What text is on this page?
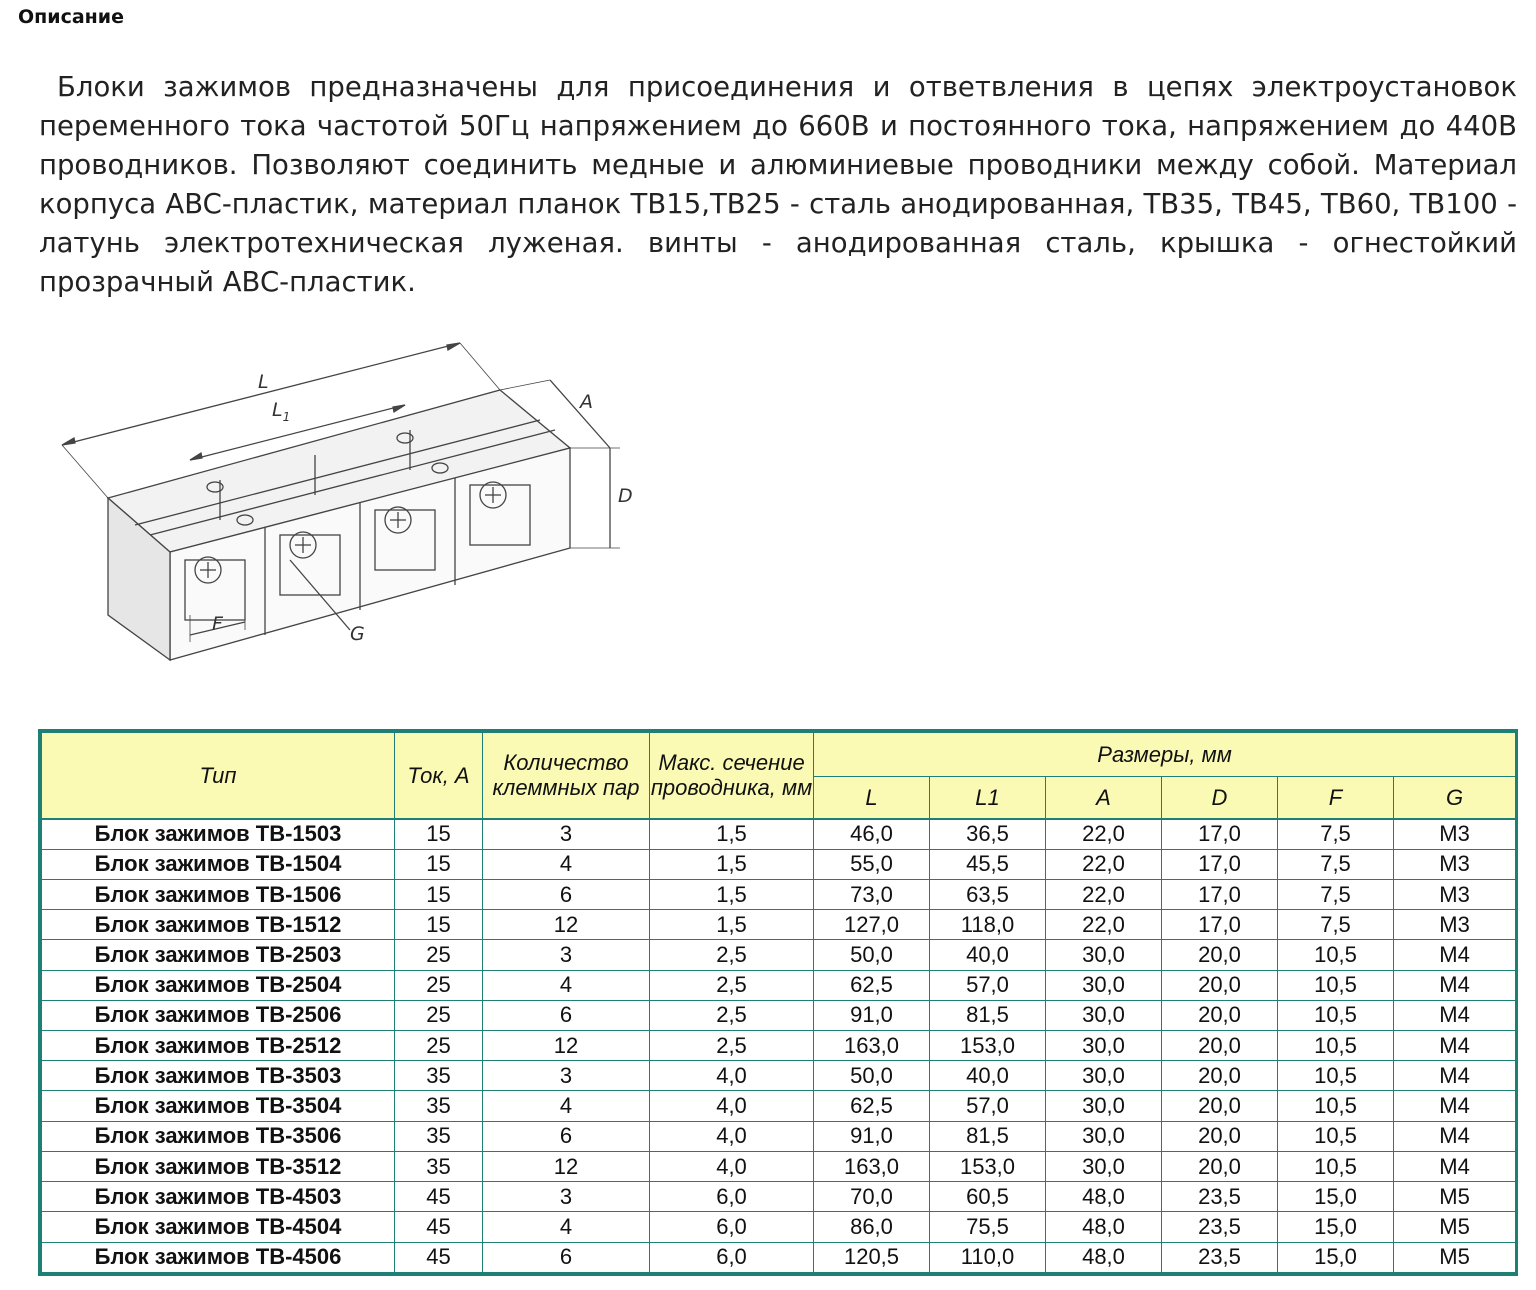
Описание
Блоки зажимов предназначены для присоединения и ответвления в цепях электроустановок переменного тока частотой 50Гц напряжением до 660В и постоянного тока, напряжением до 440В проводников. Позволяют соединить медные и алюминиевые проводники между собой. Материал корпуса ABC-пластик, материал планок TB15,TB25 - сталь анодированная, TB35, TB45, TB60, TB100 - латунь электротехническая луженая. винты - анодированная сталь, крышка - огнестойкий прозрачный ABC-пластик.
L
$L_1$
A
D
F	G
Тип	Ток, А	Количество клеммных пар	Макс. сечение проводника, мм	Размеры, мм					
				L	L1	A	D	F	G
Блок зажимов TB-1503	15	3	1,5	46,0	36,5	22,0	17,0	7,5	M3
Блок зажимов TB-1504	15	4	1,5	55,0	45,5	22,0	17,0	7,5	M3
Блок зажимов TB-1506	15	6	1,5	73,0	63,5	22,0	17,0	7,5	M3
Блок зажимов TB-1512	15	12	1,5	127,0	118,0	22,0	17,0	7,5	M3
Блок зажимов TB-2503	25	3	2,5	50,0	40,0	30,0	20,0	10,5	M4
Блок зажимов TB-2504	25	4	2,5	62,5	57,0	30,0	20,0	10,5	M4
Блок зажимов TB-2506	25	6	2,5	91,0	81,5	30,0	20,0	10,5	M4
Блок зажимов TB-2512	25	12	2,5	163,0	153,0	30,0	20,0	10,5	M4
Блок зажимов TB-3503	35	3	4,0	50,0	40,0	30,0	20,0	10,5	M4
Блок зажимов TB-3504	35	4	4,0	62,5	57,0	30,0	20,0	10,5	M4
Блок зажимов TB-3506	35	6	4,0	91,0	81,5	30,0	20,0	10,5	M4
Блок зажимов TB-3512	35	12	4,0	163,0	153,0	30,0	20,0	10,5	M4
Блок зажимов TB-4503	45	3	6,0	70,0	60,5	48,0	23,5	15,0	M5
Блок зажимов TB-4504	45	4	6,0	86,0	75,5	48,0	23,5	15,0	M5
Блок зажимов TB-4506	45	6	6,0	120,5	110,0	48,0	23,5	15,0	M5
